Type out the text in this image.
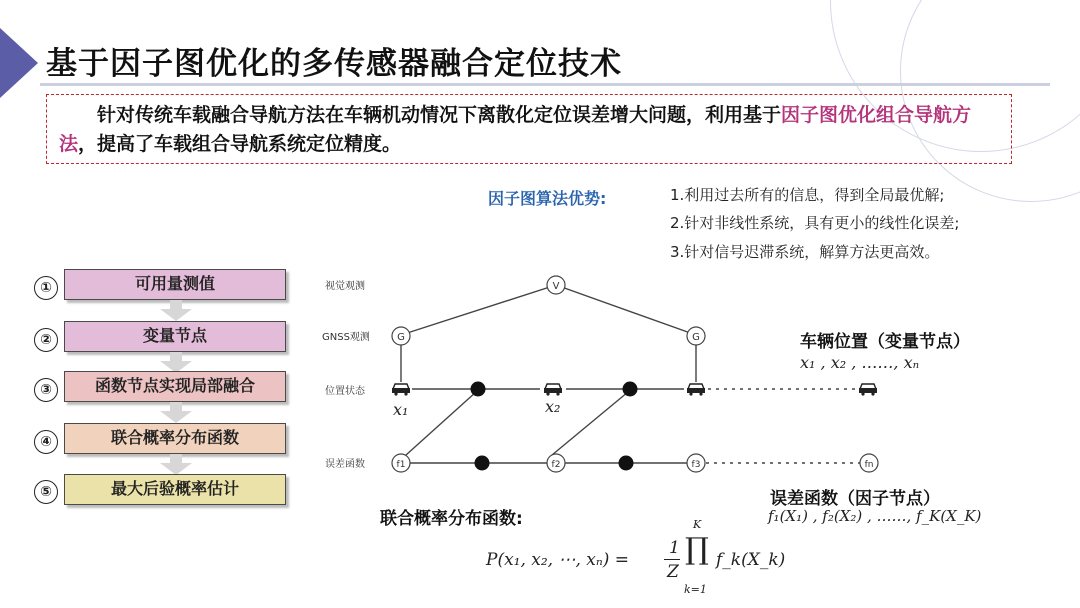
基于因子图优化的多传感器融合定位技术
针对传统车载融合导航方法在车辆机动情况下离散化定位误差增大问题，利用基于因子图优化组合导航方法，提高了车载组合导航系统定位精度。
因子图算法优势:	1.利用过去所有的信息，得到全局最优解;
2.针对非线性系统，具有更小的线性化误差;
3.针对信号迟滞系统，解算方法更高效。
①	可用量测值
②	变量节点
③	函数节点实现局部融合
④	联合概率分布函数
⑤	最大后验概率估计
视觉观测
GNSS观测
位置状态
误差函数
V
G	G
x₁	x₂
f1	f2	f3	fn
车辆位置（变量节点）
x₁ , x₂ , ……, xₙ
误差函数（因子节点）
f₁(X₁) , f₂(X₂) , ……, f_K(X_K)
联合概率分布函数:
P(x₁, x₂, ⋯, xₙ) =
1
Z
K
∏
k=1
f_k(X_k)
